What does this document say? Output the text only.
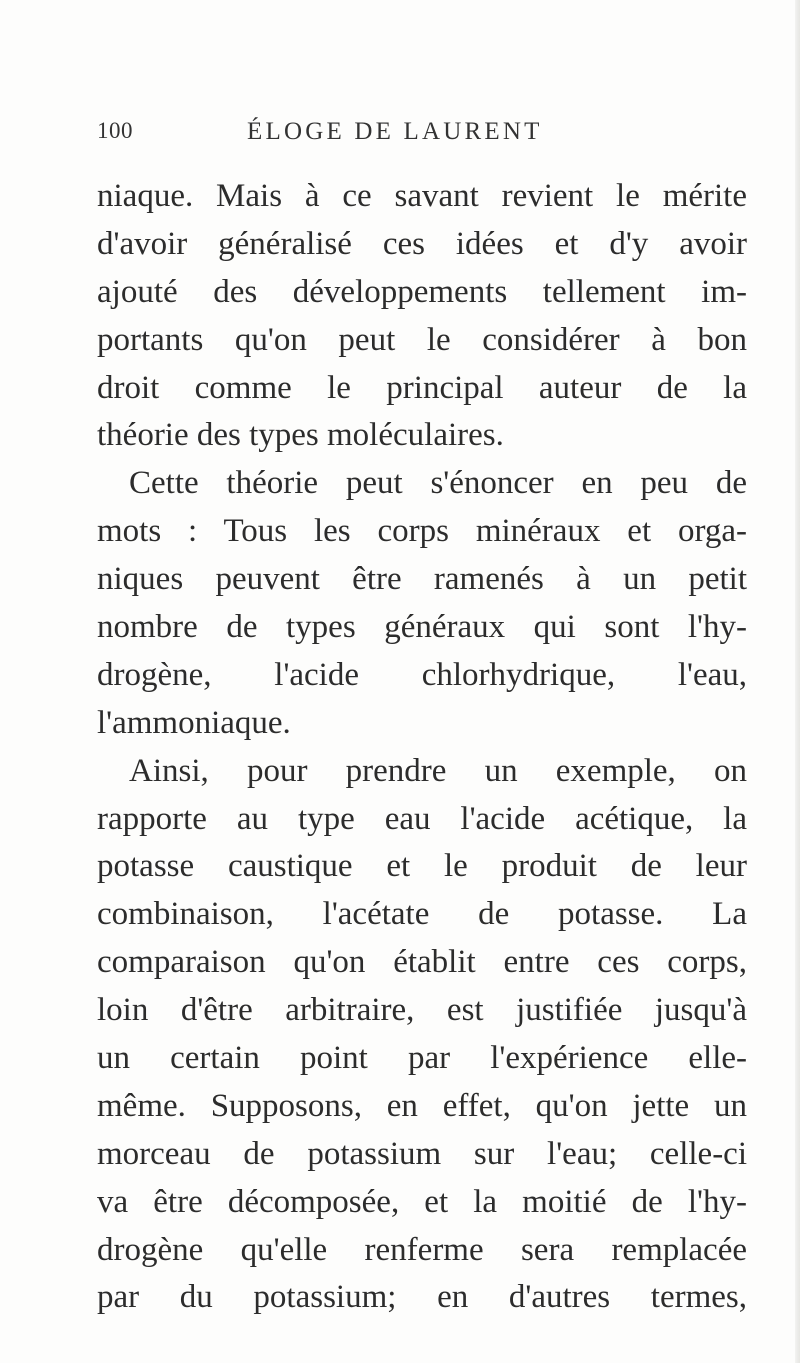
100	ÉLOGE DE LAURENT
niaque. Mais à ce savant revient le mérite
d'avoir généralisé ces idées et d'y avoir
ajouté des développements tellement im-
portants qu'on peut le considérer à bon
droit comme le principal auteur de la
théorie des types moléculaires.
Cette théorie peut s'énoncer en peu de
mots : Tous les corps minéraux et orga-
niques peuvent être ramenés à un petit
nombre de types généraux qui sont l'hy-
drogène, l'acide chlorhydrique, l'eau,
l'ammoniaque.
Ainsi, pour prendre un exemple, on
rapporte au type eau l'acide acétique, la
potasse caustique et le produit de leur
combinaison, l'acétate de potasse. La
comparaison qu'on établit entre ces corps,
loin d'être arbitraire, est justifiée jusqu'à
un certain point par l'expérience elle-
même. Supposons, en effet, qu'on jette un
morceau de potassium sur l'eau; celle-ci
va être décomposée, et la moitié de l'hy-
drogène qu'elle renferme sera remplacée
par du potassium; en d'autres termes,
